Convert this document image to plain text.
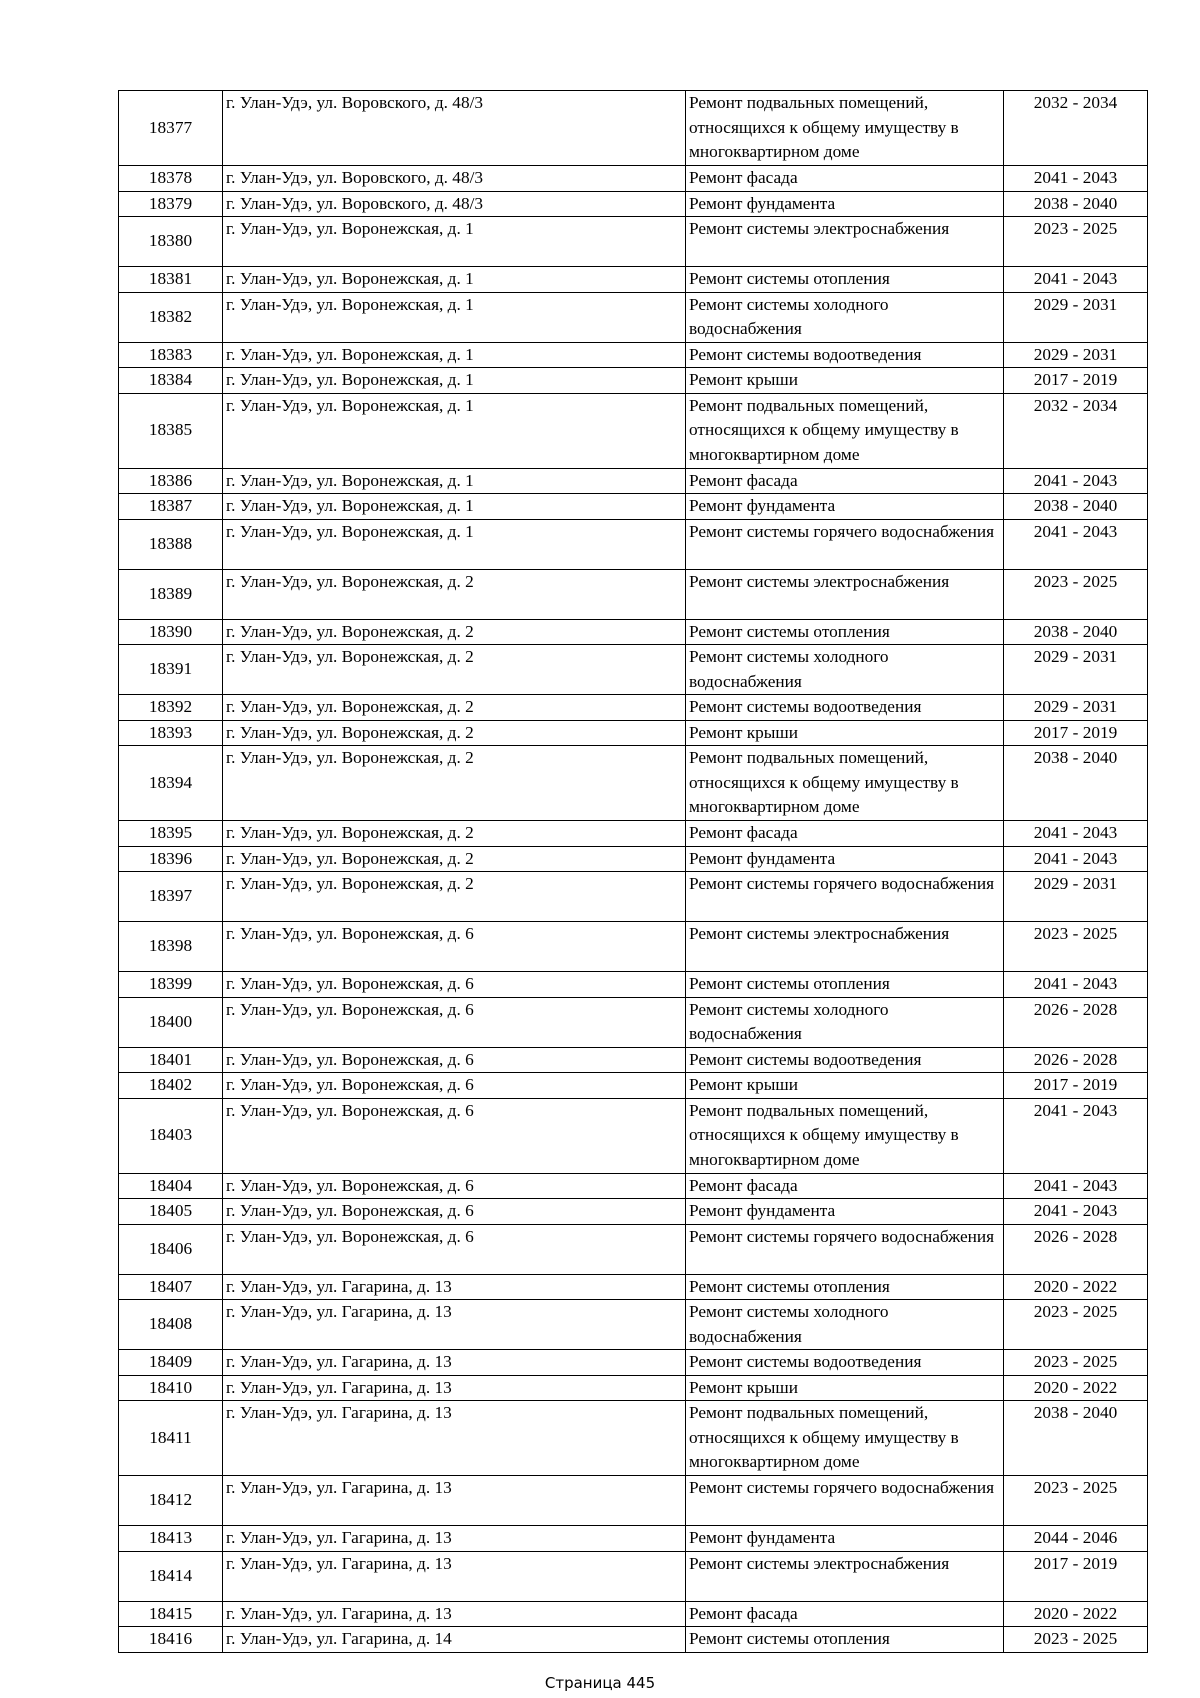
18377	г. Улан-Удэ, ул. Воровского, д. 48/3	Ремонт подвальных помещений, относящихся к общему имуществу в многоквартирном доме	2032 - 2034
18378	г. Улан-Удэ, ул. Воровского, д. 48/3	Ремонт фасада	2041 - 2043
18379	г. Улан-Удэ, ул. Воровского, д. 48/3	Ремонт фундамента	2038 - 2040
18380	г. Улан-Удэ, ул. Воронежская, д. 1	Ремонт системы электроснабжения	2023 - 2025
18381	г. Улан-Удэ, ул. Воронежская, д. 1	Ремонт системы отопления	2041 - 2043
18382	г. Улан-Удэ, ул. Воронежская, д. 1	Ремонт системы холодного водоснабжения	2029 - 2031
18383	г. Улан-Удэ, ул. Воронежская, д. 1	Ремонт системы водоотведения	2029 - 2031
18384	г. Улан-Удэ, ул. Воронежская, д. 1	Ремонт крыши	2017 - 2019
18385	г. Улан-Удэ, ул. Воронежская, д. 1	Ремонт подвальных помещений, относящихся к общему имуществу в многоквартирном доме	2032 - 2034
18386	г. Улан-Удэ, ул. Воронежская, д. 1	Ремонт фасада	2041 - 2043
18387	г. Улан-Удэ, ул. Воронежская, д. 1	Ремонт фундамента	2038 - 2040
18388	г. Улан-Удэ, ул. Воронежская, д. 1	Ремонт системы горячего водоснабжения	2041 - 2043
18389	г. Улан-Удэ, ул. Воронежская, д. 2	Ремонт системы электроснабжения	2023 - 2025
18390	г. Улан-Удэ, ул. Воронежская, д. 2	Ремонт системы отопления	2038 - 2040
18391	г. Улан-Удэ, ул. Воронежская, д. 2	Ремонт системы холодного водоснабжения	2029 - 2031
18392	г. Улан-Удэ, ул. Воронежская, д. 2	Ремонт системы водоотведения	2029 - 2031
18393	г. Улан-Удэ, ул. Воронежская, д. 2	Ремонт крыши	2017 - 2019
18394	г. Улан-Удэ, ул. Воронежская, д. 2	Ремонт подвальных помещений, относящихся к общему имуществу в многоквартирном доме	2038 - 2040
18395	г. Улан-Удэ, ул. Воронежская, д. 2	Ремонт фасада	2041 - 2043
18396	г. Улан-Удэ, ул. Воронежская, д. 2	Ремонт фундамента	2041 - 2043
18397	г. Улан-Удэ, ул. Воронежская, д. 2	Ремонт системы горячего водоснабжения	2029 - 2031
18398	г. Улан-Удэ, ул. Воронежская, д. 6	Ремонт системы электроснабжения	2023 - 2025
18399	г. Улан-Удэ, ул. Воронежская, д. 6	Ремонт системы отопления	2041 - 2043
18400	г. Улан-Удэ, ул. Воронежская, д. 6	Ремонт системы холодного водоснабжения	2026 - 2028
18401	г. Улан-Удэ, ул. Воронежская, д. 6	Ремонт системы водоотведения	2026 - 2028
18402	г. Улан-Удэ, ул. Воронежская, д. 6	Ремонт крыши	2017 - 2019
18403	г. Улан-Удэ, ул. Воронежская, д. 6	Ремонт подвальных помещений, относящихся к общему имуществу в многоквартирном доме	2041 - 2043
18404	г. Улан-Удэ, ул. Воронежская, д. 6	Ремонт фасада	2041 - 2043
18405	г. Улан-Удэ, ул. Воронежская, д. 6	Ремонт фундамента	2041 - 2043
18406	г. Улан-Удэ, ул. Воронежская, д. 6	Ремонт системы горячего водоснабжения	2026 - 2028
18407	г. Улан-Удэ, ул. Гагарина, д. 13	Ремонт системы отопления	2020 - 2022
18408	г. Улан-Удэ, ул. Гагарина, д. 13	Ремонт системы холодного водоснабжения	2023 - 2025
18409	г. Улан-Удэ, ул. Гагарина, д. 13	Ремонт системы водоотведения	2023 - 2025
18410	г. Улан-Удэ, ул. Гагарина, д. 13	Ремонт крыши	2020 - 2022
18411	г. Улан-Удэ, ул. Гагарина, д. 13	Ремонт подвальных помещений, относящихся к общему имуществу в многоквартирном доме	2038 - 2040
18412	г. Улан-Удэ, ул. Гагарина, д. 13	Ремонт системы горячего водоснабжения	2023 - 2025
18413	г. Улан-Удэ, ул. Гагарина, д. 13	Ремонт фундамента	2044 - 2046
18414	г. Улан-Удэ, ул. Гагарина, д. 13	Ремонт системы электроснабжения	2017 - 2019
18415	г. Улан-Удэ, ул. Гагарина, д. 13	Ремонт фасада	2020 - 2022
18416	г. Улан-Удэ, ул. Гагарина, д. 14	Ремонт системы отопления	2023 - 2025
Страница 445
